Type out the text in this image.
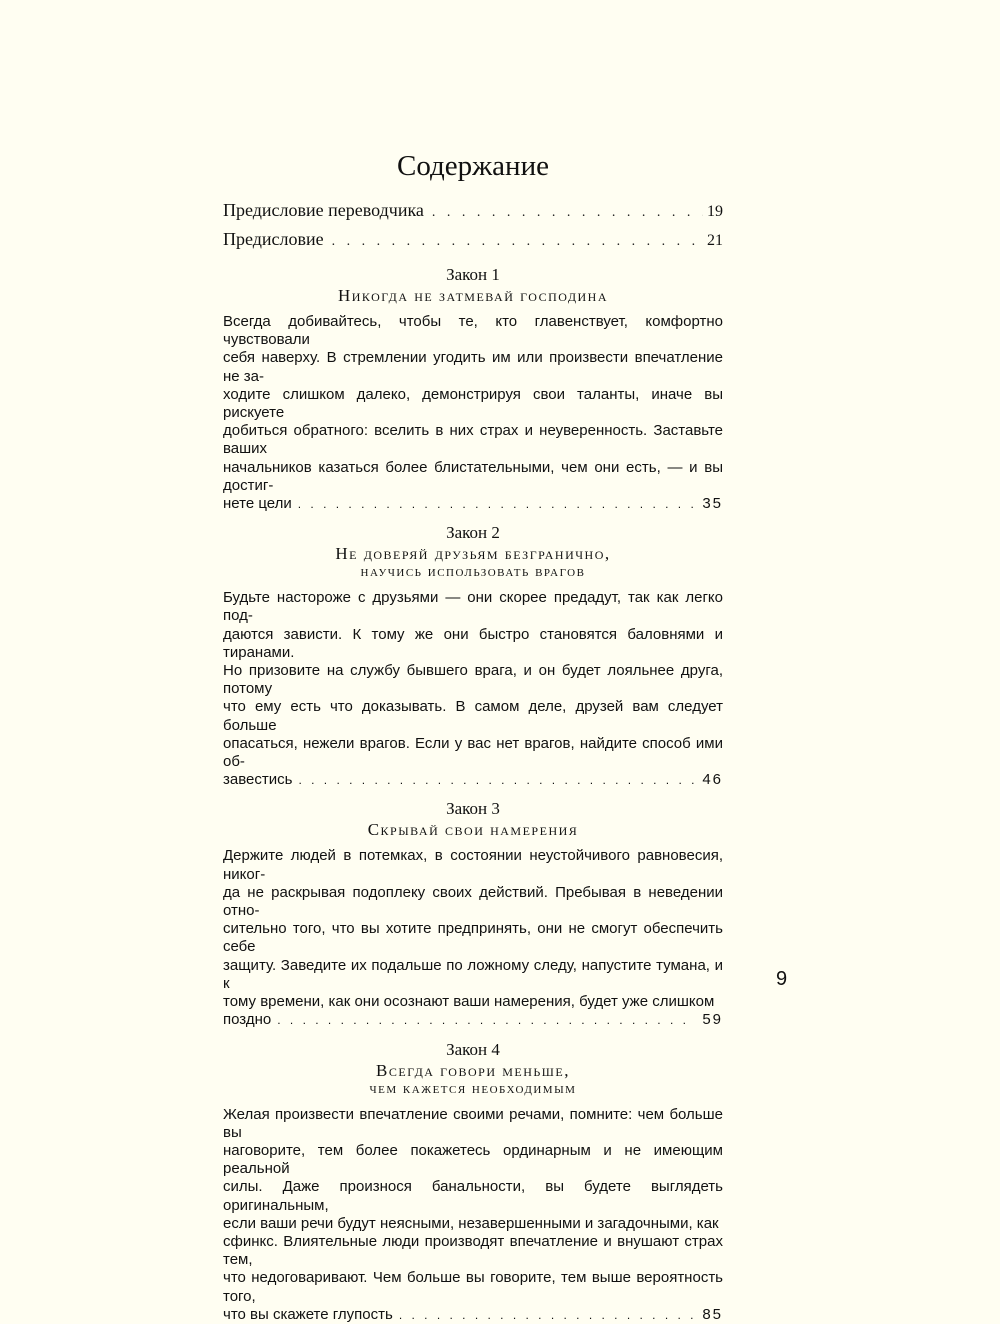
Содержание
Предисловие переводчика . . .	19
Предисловие . . .	21
Закон 1
Никогда не затмевай господина
Всегда добивайтесь, чтобы те, кто главенствует, комфортно чувствовали
себя наверху. В стремлении угодить им или произвести впечатление не за-
ходите слишком далеко, демонстрируя свои таланты, иначе вы рискуете
добиться обратного: вселить в них страх и неуверенность. Заставьте ваших
начальников казаться более блистательными, чем они есть, — и вы достиг-
нете цели . . .	35
Закон 2
Не доверяй друзьям безгранично,
научись использовать врагов
Будьте настороже с друзьями — они скорее предадут, так как легко под-
даются зависти. К тому же они быстро становятся баловнями и тиранами.
Но призовите на службу бывшего врага, и он будет лояльнее друга, потому
что ему есть что доказывать. В самом деле, друзей вам следует больше
опасаться, нежели врагов. Если у вас нет врагов, найдите способ ими об-
завестись . . .	46
Закон 3
Скрывай свои намерения
Держите людей в потемках, в состоянии неустойчивого равновесия, никог-
да не раскрывая подоплеку своих действий. Пребывая в неведении отно-
сительно того, что вы хотите предпринять, они не смогут обеспечить себе
защиту. Заведите их подальше по ложному следу, напустите тумана, и к
тому времени, как они осознают ваши намерения, будет уже слишком
поздно . . .	59
Закон 4
Всегда говори меньше,
чем кажется необходимым
Желая произвести впечатление своими речами, помните: чем больше вы
наговорите, тем более покажетесь ординарным и не имеющим реальной
силы. Даже произнося банальности, вы будете выглядеть оригинальным,
если ваши речи будут неясными, незавершенными и загадочными, как
сфинкс. Влиятельные люди производят впечатление и внушают страх тем,
что недоговаривают. Чем больше вы говорите, тем выше вероятность того,
что вы скажете глупость . . .	85
9
